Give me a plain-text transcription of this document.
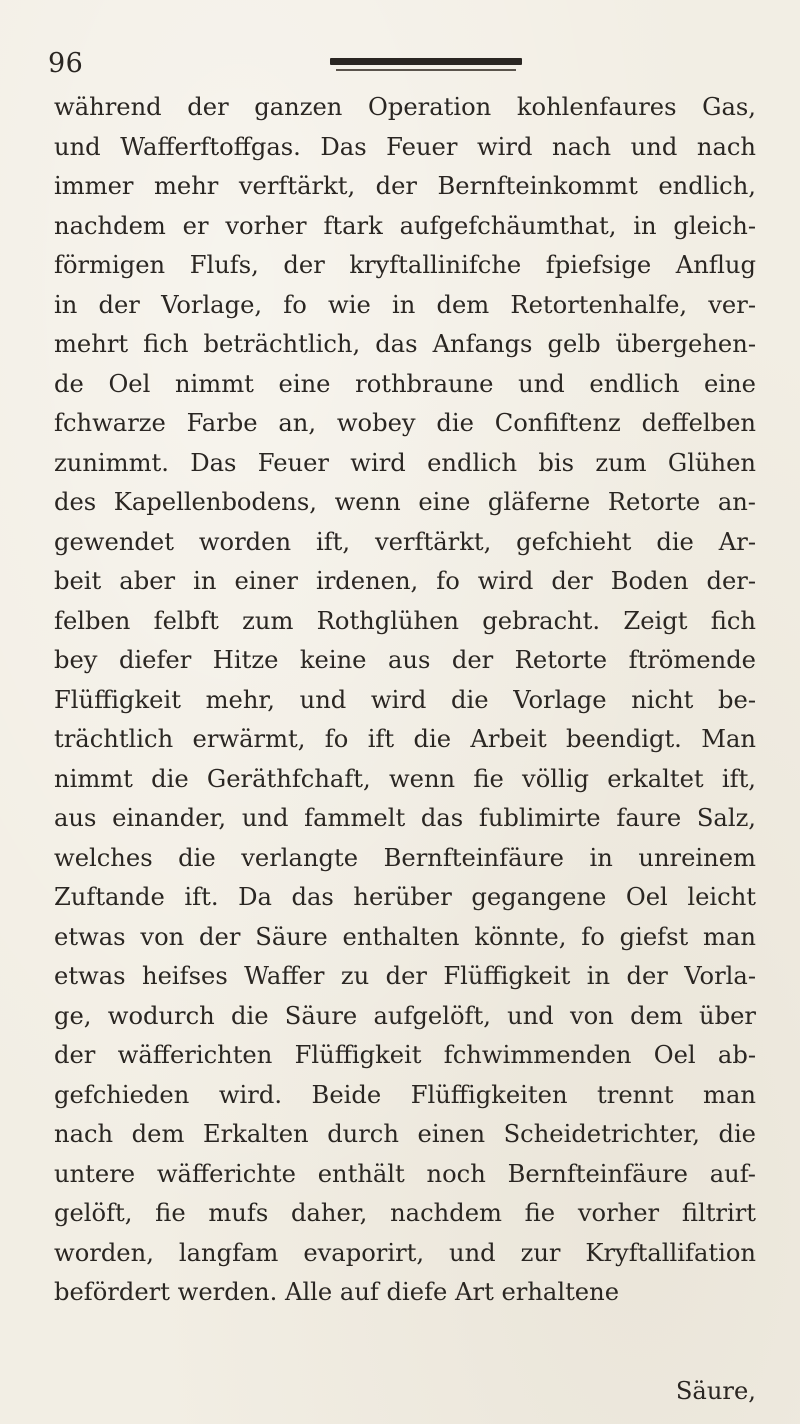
96
während der ganzen Operation kohlenfaures Gas,
und Wafferftoffgas. Das Feuer wird nach und nach
immer mehr verftärkt, der Bernfteinkommt endlich,
nachdem er vorher ftark aufgefchäumthat, in gleich-
förmigen Flufs, der kryftallinifche fpiefsige Anflug
in der Vorlage, fo wie in dem Retortenhalfe, ver-
mehrt fich beträchtlich, das Anfangs gelb übergehen-
de Oel nimmt eine rothbraune und endlich eine
fchwarze Farbe an, wobey die Confiftenz deffelben
zunimmt. Das Feuer wird endlich bis zum Glühen
des Kapellenbodens, wenn eine gläferne Retorte an-
gewendet worden ift, verftärkt, gefchieht die Ar-
beit aber in einer irdenen, fo wird der Boden der-
felben felbft zum Rothglühen gebracht. Zeigt fich
bey diefer Hitze keine aus der Retorte ftrömende
Flüffigkeit mehr, und wird die Vorlage nicht be-
trächtlich erwärmt, fo ift die Arbeit beendigt. Man
nimmt die Geräthfchaft, wenn fie völlig erkaltet ift,
aus einander, und fammelt das fublimirte faure Salz,
welches die verlangte Bernfteinfäure in unreinem
Zuftande ift. Da das herüber gegangene Oel leicht
etwas von der Säure enthalten könnte, fo giefst man
etwas heifses Waffer zu der Flüffigkeit in der Vorla-
ge, wodurch die Säure aufgelöft, und von dem über
der wäfferichten Flüffigkeit fchwimmenden Oel ab-
gefchieden wird. Beide Flüffigkeiten trennt man
nach dem Erkalten durch einen Scheidetrichter, die
untere wäfferichte enthält noch Bernfteinfäure auf-
gelöft, fie mufs daher, nachdem fie vorher filtrirt
worden, langfam evaporirt, und zur Kryftallifation
befördert werden. Alle auf diefe Art erhaltene
Säure,
